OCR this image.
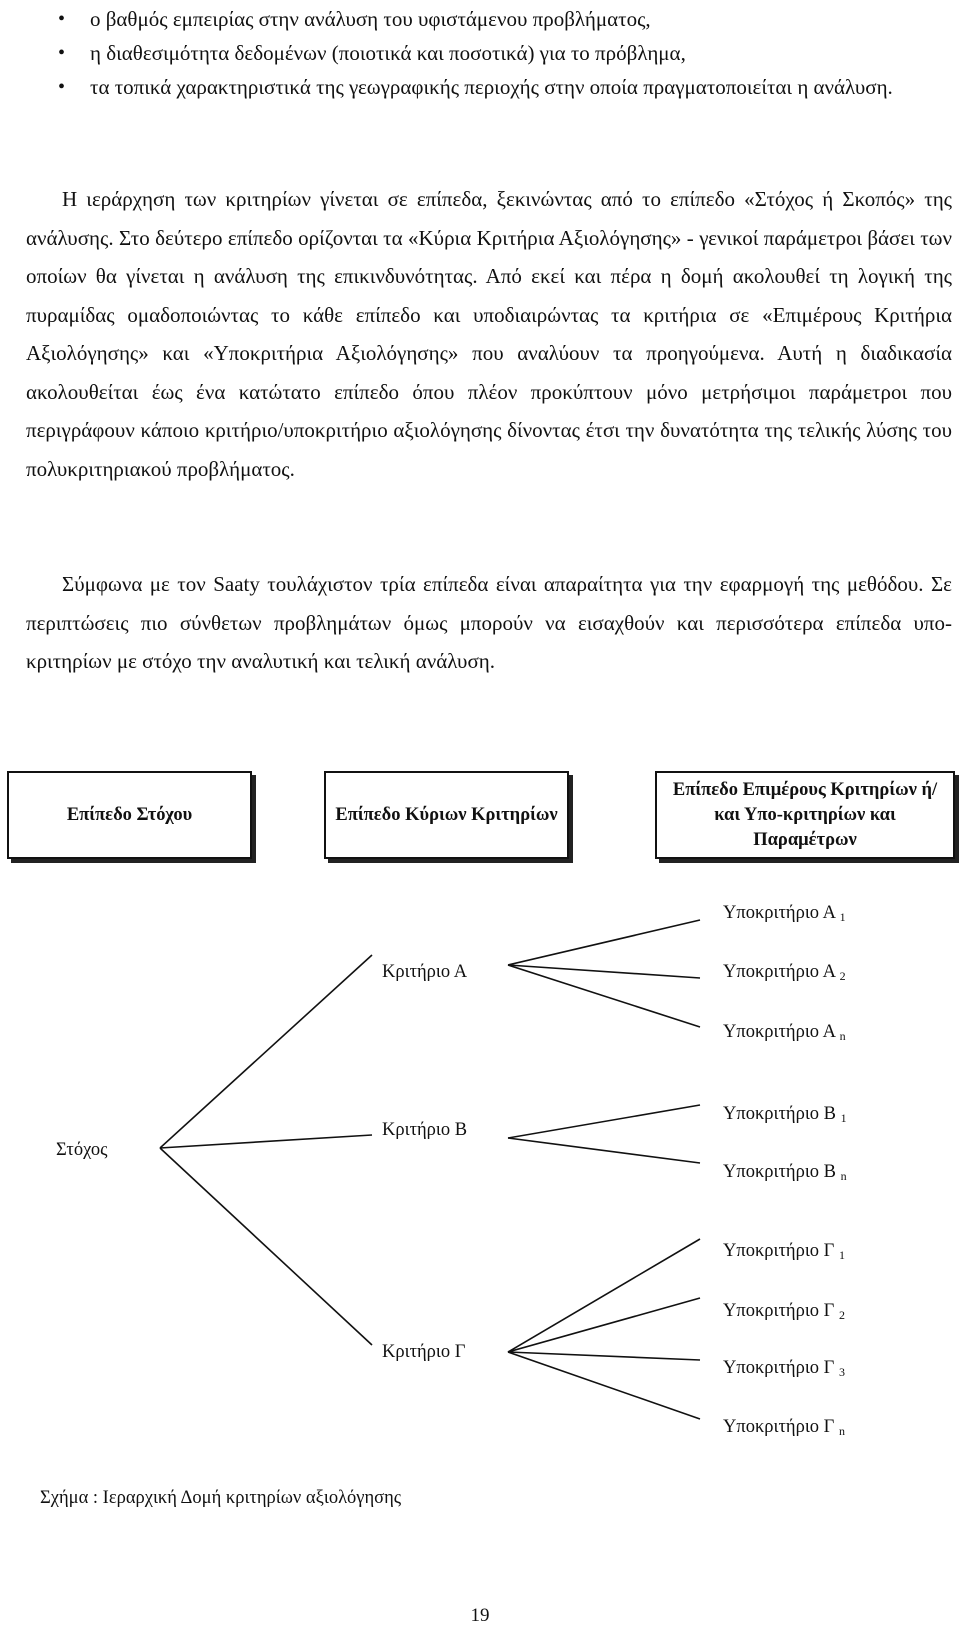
• ο βαθμός εμπειρίας στην ανάλυση του υφιστάμενου προβλήματος,
• η διαθεσιμότητα δεδομένων (ποιοτικά και ποσοτικά) για το πρόβλημα,
• τα τοπικά χαρακτηριστικά της γεωγραφικής περιοχής στην οποία πραγματοποιείται η ανάλυση.

Η ιεράρχηση των κριτηρίων γίνεται σε επίπεδα, ξεκινώντας από το επίπεδο «Στόχος ή Σκοπός» της ανάλυσης. Στο δεύτερο επίπεδο ορίζονται τα «Κύρια Κριτήρια Αξιολόγησης» - γενικοί παράμετροι βάσει των οποίων θα γίνεται η ανάλυση της επικινδυνότητας. Από εκεί και πέρα η δομή ακολουθεί τη λογική της πυραμίδας ομαδοποιώντας το κάθε επίπεδο και υποδιαιρώντας τα κριτήρια σε «Επιμέρους Κριτήρια Αξιολόγησης» και «Υποκριτήρια Αξιολόγησης» που αναλύουν τα προηγούμενα. Αυτή η διαδικασία ακολουθείται έως ένα κατώτατο επίπεδο όπου πλέον προκύπτουν μόνο μετρήσιμοι παράμετροι που περιγράφουν κάποιο κριτήριο/υποκριτήριο αξιολόγησης δίνοντας έτσι την δυνατότητα της τελικής λύσης του πολυκριτηριακού προβλήματος.

Σύμφωνα με τον Saaty τουλάχιστον τρία επίπεδα είναι απαραίτητα για την εφαρμογή της μεθόδου. Σε περιπτώσεις πιο σύνθετων προβλημάτων όμως μπορούν να εισαχθούν και περισσότερα επίπεδα υπο-κριτηρίων με στόχο την αναλυτική και τελική ανάλυση.

Επίπεδο Στόχου	Επίπεδο Κύριων Κριτηρίων
Επίπεδο Επιμέρους Κριτηρίων ή/και Υπο-κριτηρίων και Παραμέτρων
Στόχος
Κριτήριο Α
Κριτήριο Β
Κριτήριο Γ
Υποκριτήριο Α $_1$
Υποκριτήριο Α $_2$
Υποκριτήριο Α $_n$
Υποκριτήριο Β $_1$
Υποκριτήριο Β $_n$
Υποκριτήριο Γ $_1$
Υποκριτήριο Γ $_2$
Υποκριτήριο Γ $_3$
Υποκριτήριο Γ $_n$
Σχήμα : Ιεραρχική Δομή κριτηρίων αξιολόγησης
19
